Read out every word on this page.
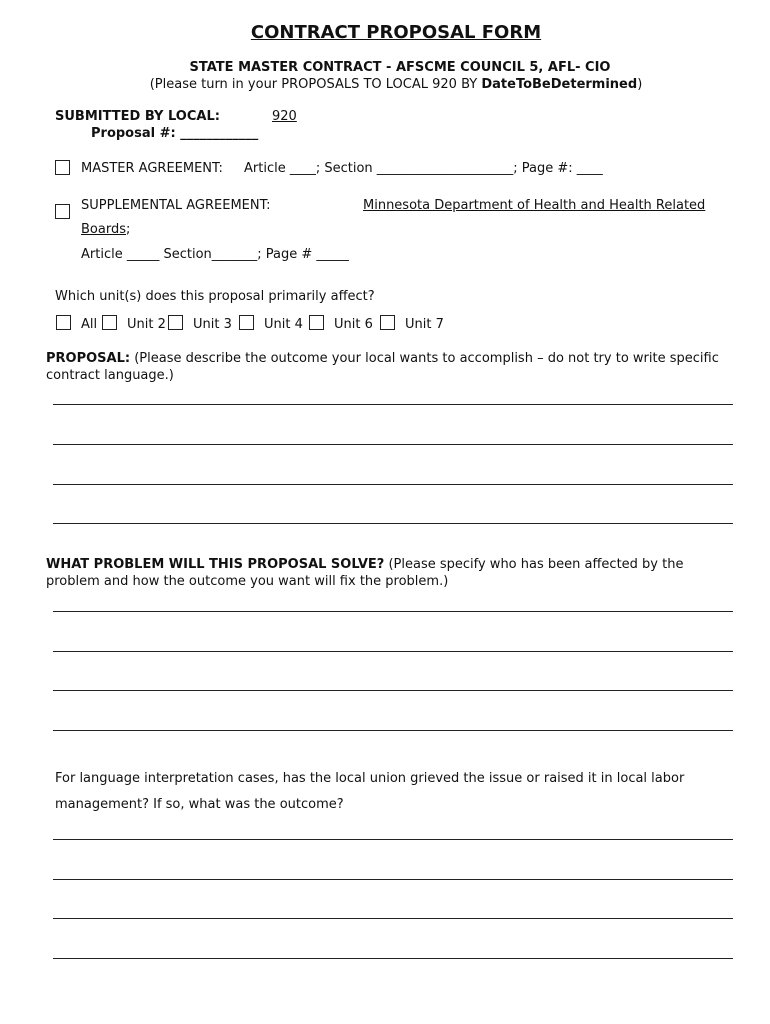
CONTRACT PROPOSAL FORM
STATE MASTER CONTRACT - AFSCME COUNCIL 5, AFL- CIO
(Please turn in your PROPOSALS TO LOCAL 920 BY DateToBeDetermined)
SUBMITTED BY LOCAL:	920
Proposal #: ____________
MASTER AGREEMENT: Article ____; Section _____________________; Page #: ____
SUPPLEMENTAL AGREEMENT:	Minnesota Department of Health and Health Related
Boards;
Article _____ Section_______; Page # _____
Which unit(s) does this proposal primarily affect?
All Unit 2 Unit 3 Unit 4 Unit 6 Unit 7
PROPOSAL: (Please describe the outcome your local wants to accomplish – do not try to write specific contract language.)
WHAT PROBLEM WILL THIS PROPOSAL SOLVE? (Please specify who has been affected by the problem and how the outcome you want will fix the problem.)
For language interpretation cases, has the local union grieved the issue or raised it in local labor management? If so, what was the outcome?
